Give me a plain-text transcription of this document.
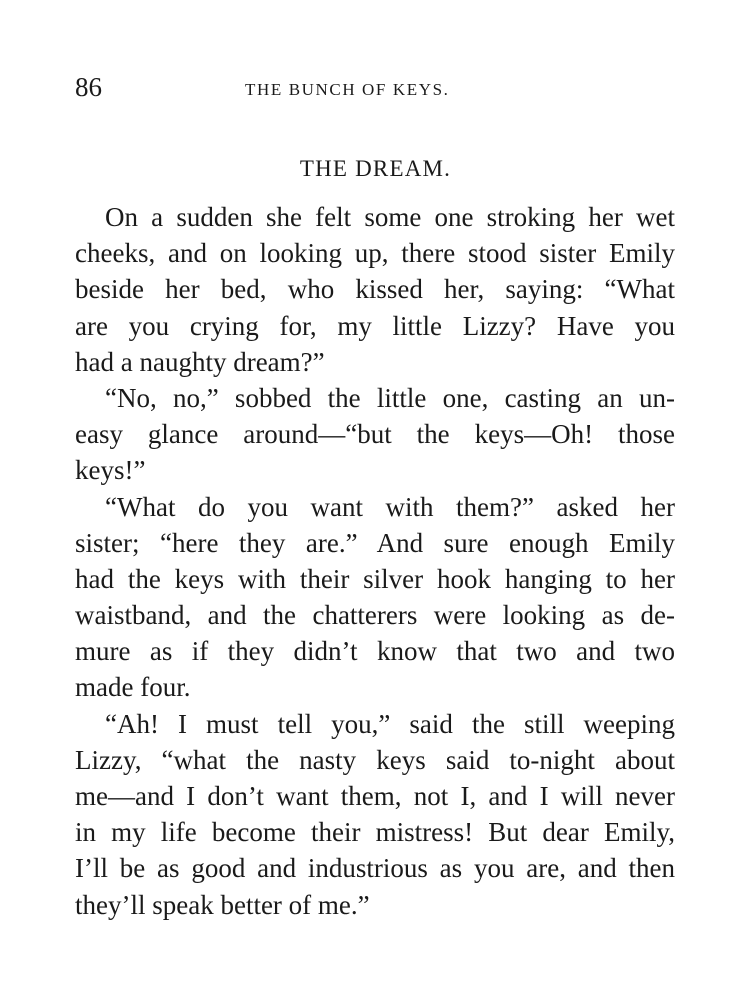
86	THE BUNCH OF KEYS.
THE DREAM.
On a sudden she felt some one stroking her wet
cheeks, and on looking up, there stood sister Emily
beside her bed, who kissed her, saying: “What
are you crying for, my little Lizzy? Have you
had a naughty dream?”
“No, no,” sobbed the little one, casting an un-
easy glance around—“but the keys—Oh! those
keys!”
“What do you want with them?” asked her
sister; “here they are.” And sure enough Emily
had the keys with their silver hook hanging to her
waistband, and the chatterers were looking as de-
mure as if they didn’t know that two and two
made four.
“Ah! I must tell you,” said the still weeping
Lizzy, “what the nasty keys said to-night about
me—and I don’t want them, not I, and I will never
in my life become their mistress! But dear Emily,
I’ll be as good and industrious as you are, and then
they’ll speak better of me.”
